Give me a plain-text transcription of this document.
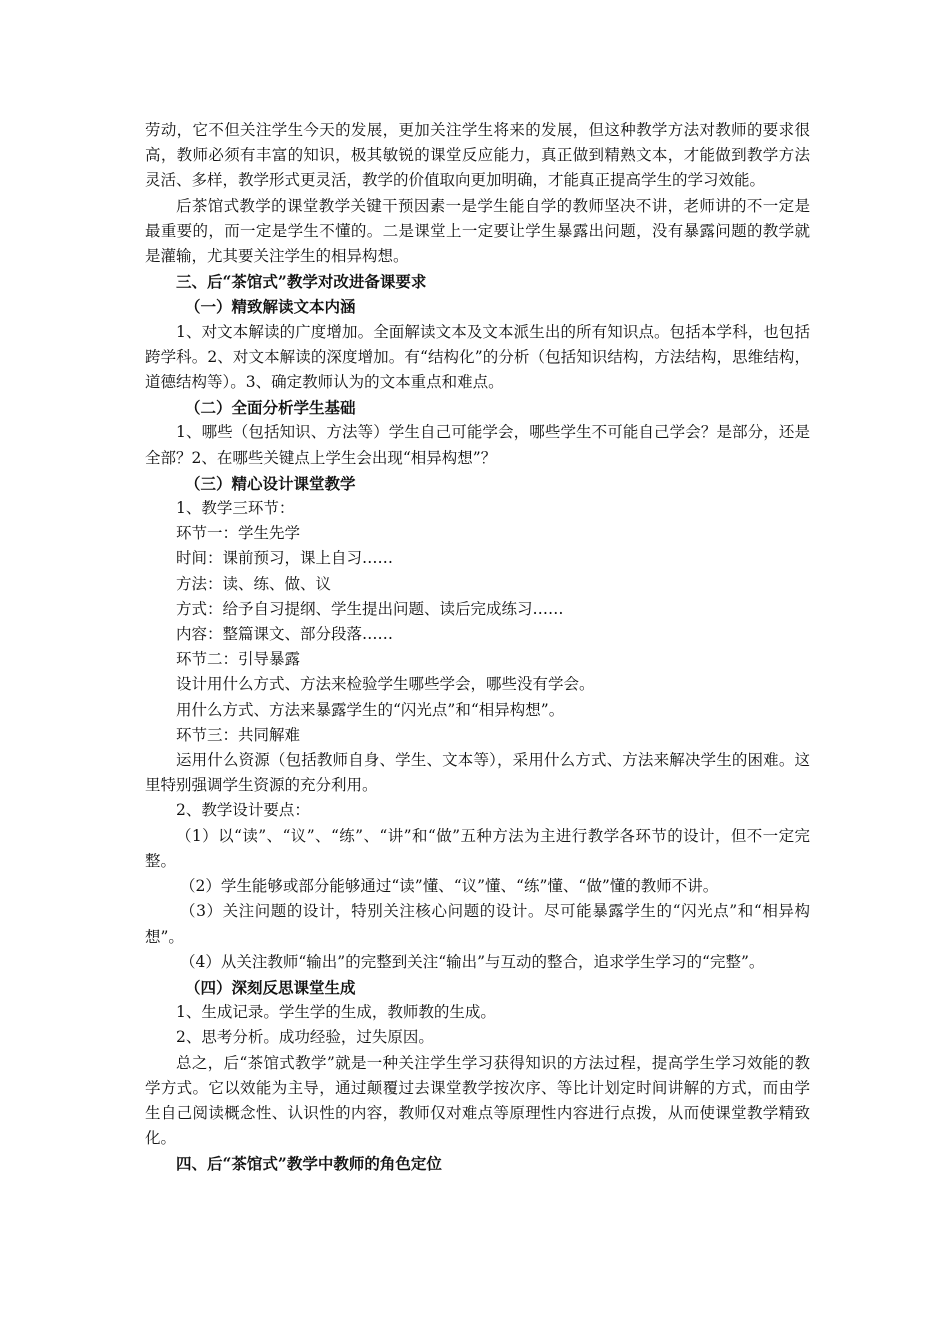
劳动，它不但关注学生今天的发展，更加关注学生将来的发展，但这种教学方法对教师的要求很高，教师必须有丰富的知识，极其敏锐的课堂反应能力，真正做到精熟文本，才能做到教学方法灵活、多样，教学形式更灵活，教学的价值取向更加明确，才能真正提高学生的学习效能。

后茶馆式教学的课堂教学关键干预因素一是学生能自学的教师坚决不讲，老师讲的不一定是最重要的，而一定是学生不懂的。二是课堂上一定要让学生暴露出问题，没有暴露问题的教学就是灌输，尤其要关注学生的相异构想。

三、后“茶馆式”教学对改进备课要求

（一）精致解读文本内涵

1、对文本解读的广度增加。全面解读文本及文本派生出的所有知识点。包括本学科，也包括跨学科。2、对文本解读的深度增加。有“结构化”的分析（包括知识结构，方法结构，思维结构，道德结构等）。3、确定教师认为的文本重点和难点。

（二）全面分析学生基础

1、哪些（包括知识、方法等）学生自己可能学会，哪些学生不可能自己学会？是部分，还是全部？2、在哪些关键点上学生会出现“相异构想”？

（三）精心设计课堂教学

1、教学三环节：

环节一：学生先学

时间：课前预习，课上自习……

方法：读、练、做、议

方式：给予自习提纲、学生提出问题、读后完成练习……

内容：整篇课文、部分段落……

环节二：引导暴露

设计用什么方式、方法来检验学生哪些学会，哪些没有学会。

用什么方式、方法来暴露学生的“闪光点”和“相异构想”。

环节三：共同解难

运用什么资源（包括教师自身、学生、文本等），采用什么方式、方法来解决学生的困难。这里特别强调学生资源的充分利用。

2、教学设计要点：

（1）以“读”、“议”、“练”、“讲”和“做”五种方法为主进行教学各环节的设计，但不一定完整。

（2）学生能够或部分能够通过“读”懂、“议”懂、“练”懂、“做”懂的教师不讲。

（3）关注问题的设计，特别关注核心问题的设计。尽可能暴露学生的“闪光点”和“相异构想”。

（4）从关注教师“输出”的完整到关注“输出”与互动的整合，追求学生学习的“完整”。

（四）深刻反思课堂生成

1、生成记录。学生学的生成，教师教的生成。

2、思考分析。成功经验，过失原因。

总之，后“茶馆式教学”就是一种关注学生学习获得知识的方法过程，提高学生学习效能的教学方式。它以效能为主导，通过颠覆过去课堂教学按次序、等比计划定时间讲解的方式，而由学生自己阅读概念性、认识性的内容，教师仅对难点等原理性内容进行点拨，从而使课堂教学精致化。

四、后“茶馆式”教学中教师的角色定位
